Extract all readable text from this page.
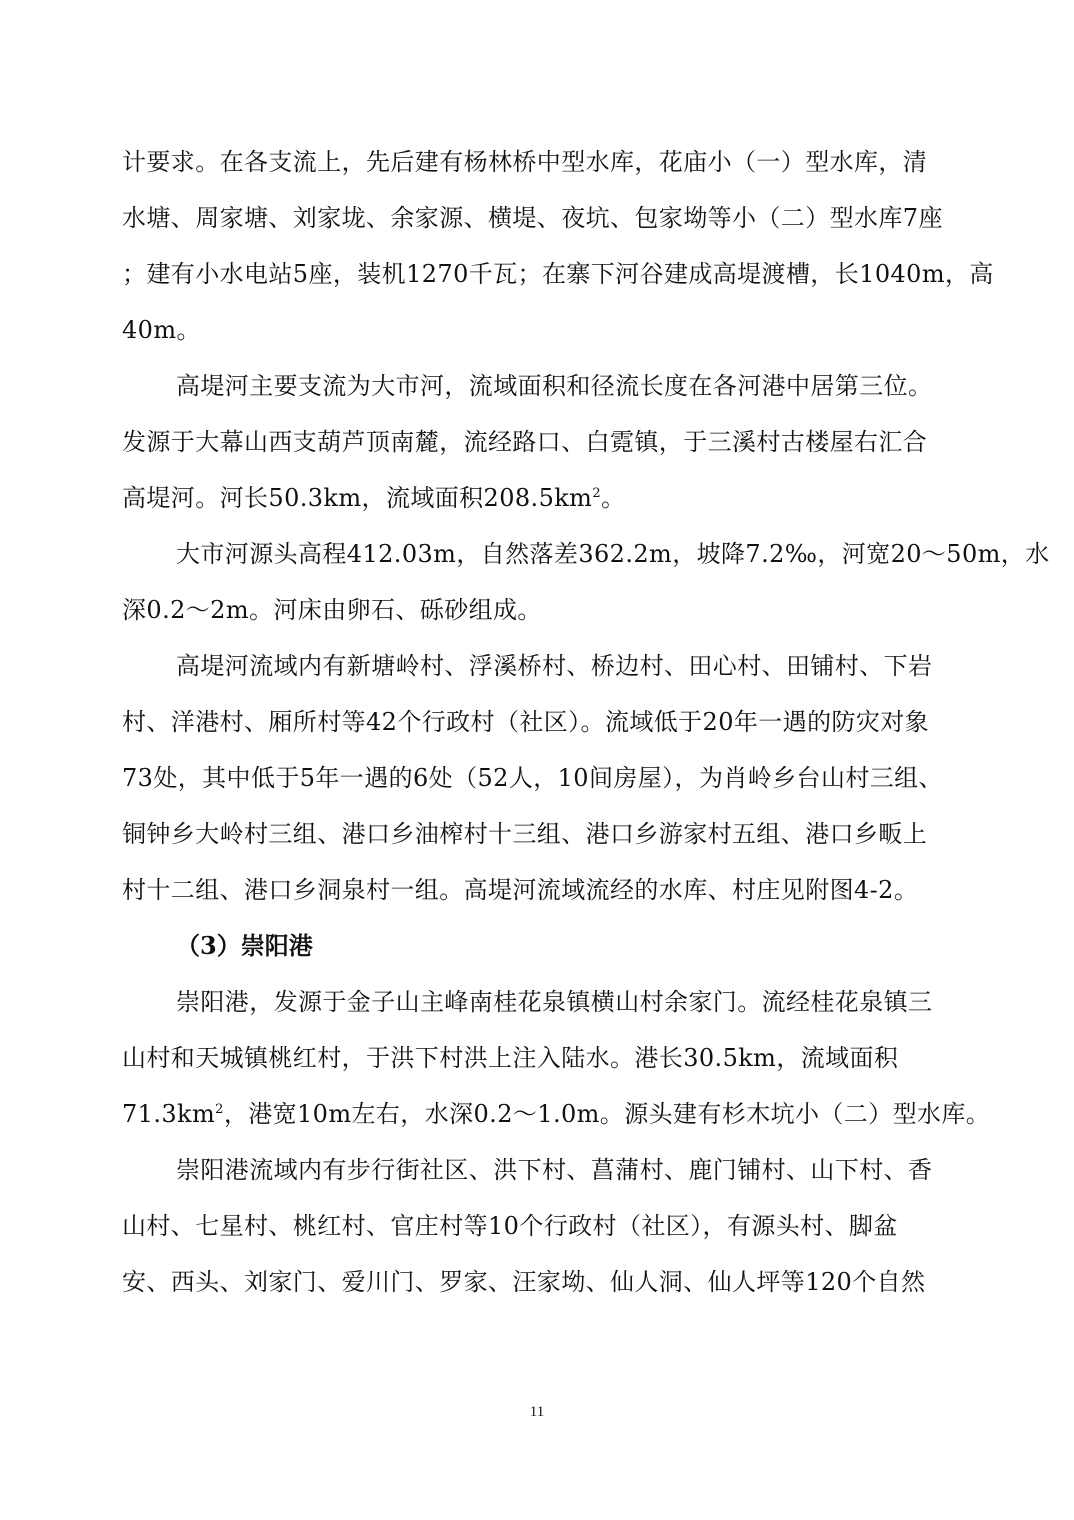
计要求。在各支流上，先后建有杨林桥中型水库，花庙小（一）型水库，清
水塘、周家塘、刘家垅、余家源、横堤、夜坑、包家坳等小（二）型水库7座
；建有小水电站5座，装机1270千瓦；在寨下河谷建成高堤渡槽，长1040m，高
40m。
高堤河主要支流为大市河，流域面积和径流长度在各河港中居第三位。
发源于大幕山西支葫芦顶南麓，流经路口、白霓镇，于三溪村古楼屋右汇合
高堤河。河长50.3km，流域面积$208.5km^2$。
大市河源头高程412.03m，自然落差362.2m，坡降7.2‰，河宽20～50m，水
深0.2～2m。河床由卵石、砾砂组成。
高堤河流域内有新塘岭村、浮溪桥村、桥边村、田心村、田铺村、下岩
村、洋港村、厢所村等42个行政村（社区）。流域低于20年一遇的防灾对象
73处，其中低于5年一遇的6处（52人，10间房屋），为肖岭乡台山村三组、
铜钟乡大岭村三组、港口乡油榨村十三组、港口乡游家村五组、港口乡畈上
村十二组、港口乡洞泉村一组。高堤河流域流经的水库、村庄见附图4-2。
（3）崇阳港
崇阳港，发源于金子山主峰南桂花泉镇横山村余家门。流经桂花泉镇三
山村和天城镇桃红村，于洪下村洪上注入陆水。港长30.5km，流域面积
$71.3km^2$，港宽10m左右，水深0.2～1.0m。源头建有杉木坑小（二）型水库。
崇阳港流域内有步行街社区、洪下村、菖蒲村、鹿门铺村、山下村、香
山村、七星村、桃红村、官庄村等10个行政村（社区），有源头村、脚盆
安、西头、刘家门、爱川门、罗家、汪家坳、仙人洞、仙人坪等120个自然
11
